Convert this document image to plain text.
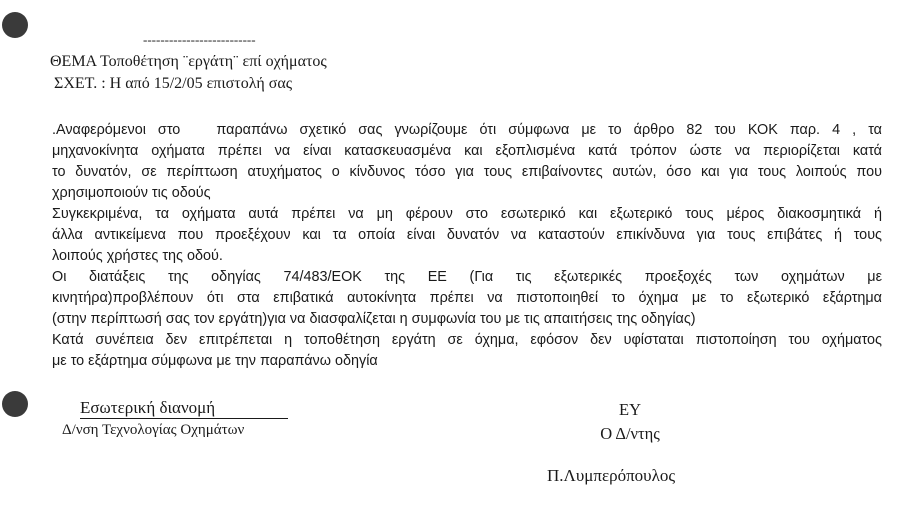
--------------------------
ΘΕΜΑ Τοποθέτηση ¨εργάτη¨ επί οχήματος
ΣΧΕΤ. : Η από 15/2/05 επιστολή σας

.Αναφερόμενοι στο   παραπάνω σχετικό σας γνωρίζουμε ότι σύμφωνα με το άρθρο 82 του ΚΟΚ παρ. 4 , τα
μηχανοκίνητα οχήματα πρέπει να είναι κατασκευασμένα και εξοπλισμένα κατά τρόπον ώστε να περιορίζεται κατά
το δυνατόν, σε περίπτωση ατυχήματος ο κίνδυνος τόσο για τους επιβαίνοντες αυτών, όσο και για τους λοιπούς που
χρησιμοποιούν τις οδούς

Συγκεκριμένα, τα οχήματα αυτά πρέπει να μη φέρουν στο εσωτερικό και εξωτερικό τους μέρος διακοσμητικά ή
άλλα αντικείμενα που προεξέχουν και τα οποία είναι δυνατόν να καταστούν επικίνδυνα για τους επιβάτες ή τους
λοιπούς χρήστες της οδού.

Οι διατάξεις της οδηγίας 74/483/ΕΟΚ της ΕΕ (Για τις εξωτερικές προεξοχές των οχημάτων με
κινητήρα)προβλέπουν ότι στα επιβατικά αυτοκίνητα πρέπει να πιστοποιηθεί το όχημα με το εξωτερικό εξάρτημα
(στην περίπτωσή σας τον εργάτη)για να διασφαλίζεται η συμφωνία του με τις απαιτήσεις της οδηγίας)

Κατά συνέπεια δεν επιτρέπεται η τοποθέτηση εργάτη σε όχημα, εφόσον δεν υφίσταται πιστοποίηση του οχήματος
με το εξάρτημα σύμφωνα με την παραπάνω οδηγία

Εσωτερική διανομή
Δ/νση Τεχνολογίας Οχημάτων
ΕΥ
Ο Δ/ντης
Π.Λυμπερόπουλος
